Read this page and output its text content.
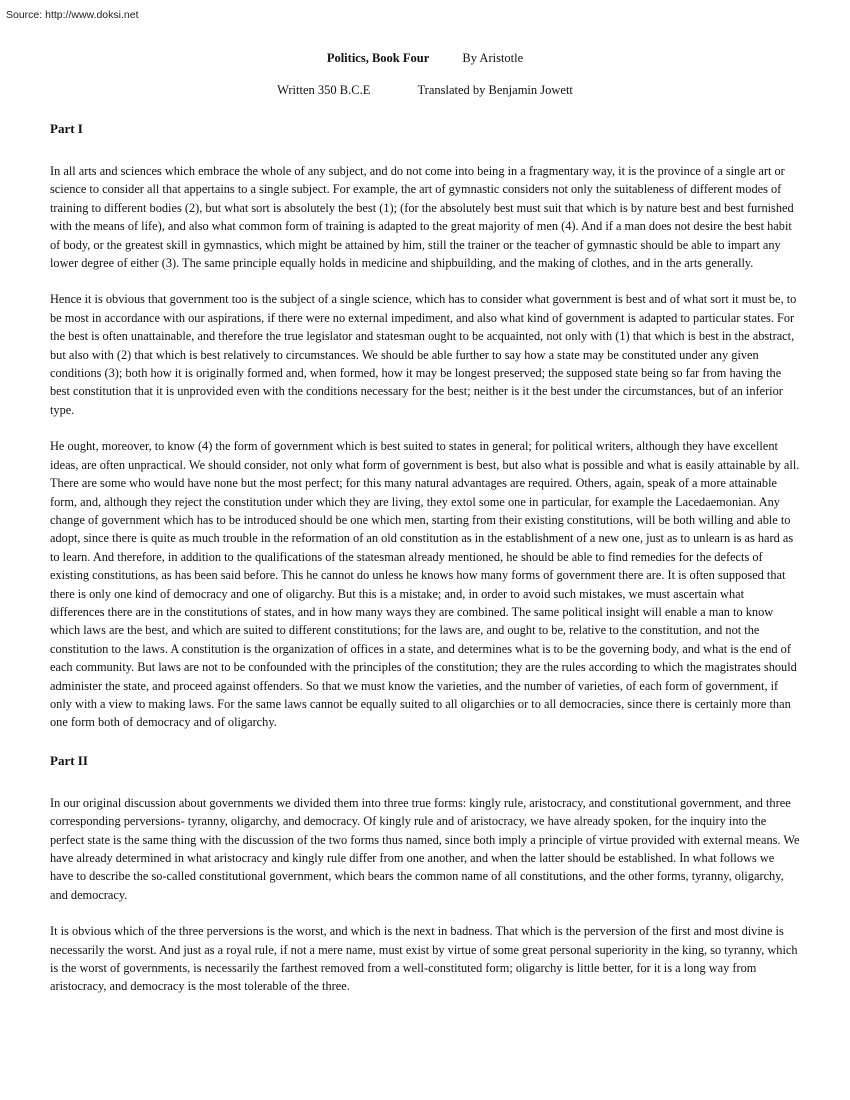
Source: http://www.doksi.net
Politics, Book Four	By Aristotle
Written 350 B.C.E	Translated by Benjamin Jowett
Part I

In all arts and sciences which embrace the whole of any subject, and do not come into being in a fragmentary way, it is the province of a single art or science to consider all that appertains to a single subject. For example, the art of gymnastic considers not only the suitableness of different modes of training to different bodies (2), but what sort is absolutely the best (1); (for the absolutely best must suit that which is by nature best and best furnished with the means of life), and also what common form of training is adapted to the great majority of men (4). And if a man does not desire the best habit of body, or the greatest skill in gymnastics, which might be attained by him, still the trainer or the teacher of gymnastic should be able to impart any lower degree of either (3). The same principle equally holds in medicine and shipbuilding, and the making of clothes, and in the arts generally.

Hence it is obvious that government too is the subject of a single science, which has to consider what government is best and of what sort it must be, to be most in accordance with our aspirations, if there were no external impediment, and also what kind of government is adapted to particular states. For the best is often unattainable, and therefore the true legislator and statesman ought to be acquainted, not only with (1) that which is best in the abstract, but also with (2) that which is best relatively to circumstances. We should be able further to say how a state may be constituted under any given conditions (3); both how it is originally formed and, when formed, how it may be longest preserved; the supposed state being so far from having the best constitution that it is unprovided even with the conditions necessary for the best; neither is it the best under the circumstances, but of an inferior type.

He ought, moreover, to know (4) the form of government which is best suited to states in general; for political writers, although they have excellent ideas, are often unpractical. We should consider, not only what form of government is best, but also what is possible and what is easily attainable by all. There are some who would have none but the most perfect; for this many natural advantages are required. Others, again, speak of a more attainable form, and, although they reject the constitution under which they are living, they extol some one in particular, for example the Lacedaemonian. Any change of government which has to be introduced should be one which men, starting from their existing constitutions, will be both willing and able to adopt, since there is quite as much trouble in the reformation of an old constitution as in the establishment of a new one, just as to unlearn is as hard as to learn. And therefore, in addition to the qualifications of the statesman already mentioned, he should be able to find remedies for the defects of existing constitutions, as has been said before. This he cannot do unless he knows how many forms of government there are. It is often supposed that there is only one kind of democracy and one of oligarchy. But this is a mistake; and, in order to avoid such mistakes, we must ascertain what differences there are in the constitutions of states, and in how many ways they are combined. The same political insight will enable a man to know which laws are the best, and which are suited to different constitutions; for the laws are, and ought to be, relative to the constitution, and not the constitution to the laws. A constitution is the organization of offices in a state, and determines what is to be the governing body, and what is the end of each community. But laws are not to be confounded with the principles of the constitution; they are the rules according to which the magistrates should administer the state, and proceed against offenders. So that we must know the varieties, and the number of varieties, of each form of government, if only with a view to making laws. For the same laws cannot be equally suited to all oligarchies or to all democracies, since there is certainly more than one form both of democracy and of oligarchy.

Part II

In our original discussion about governments we divided them into three true forms: kingly rule, aristocracy, and constitutional government, and three corresponding perversions- tyranny, oligarchy, and democracy. Of kingly rule and of aristocracy, we have already spoken, for the inquiry into the perfect state is the same thing with the discussion of the two forms thus named, since both imply a principle of virtue provided with external means. We have already determined in what aristocracy and kingly rule differ from one another, and when the latter should be established. In what follows we have to describe the so-called constitutional government, which bears the common name of all constitutions, and the other forms, tyranny, oligarchy, and democracy.

It is obvious which of the three perversions is the worst, and which is the next in badness. That which is the perversion of the first and most divine is necessarily the worst. And just as a royal rule, if not a mere name, must exist by virtue of some great personal superiority in the king, so tyranny, which is the worst of governments, is necessarily the farthest removed from a well-constituted form; oligarchy is little better, for it is a long way from aristocracy, and democracy is the most tolerable of the three.
